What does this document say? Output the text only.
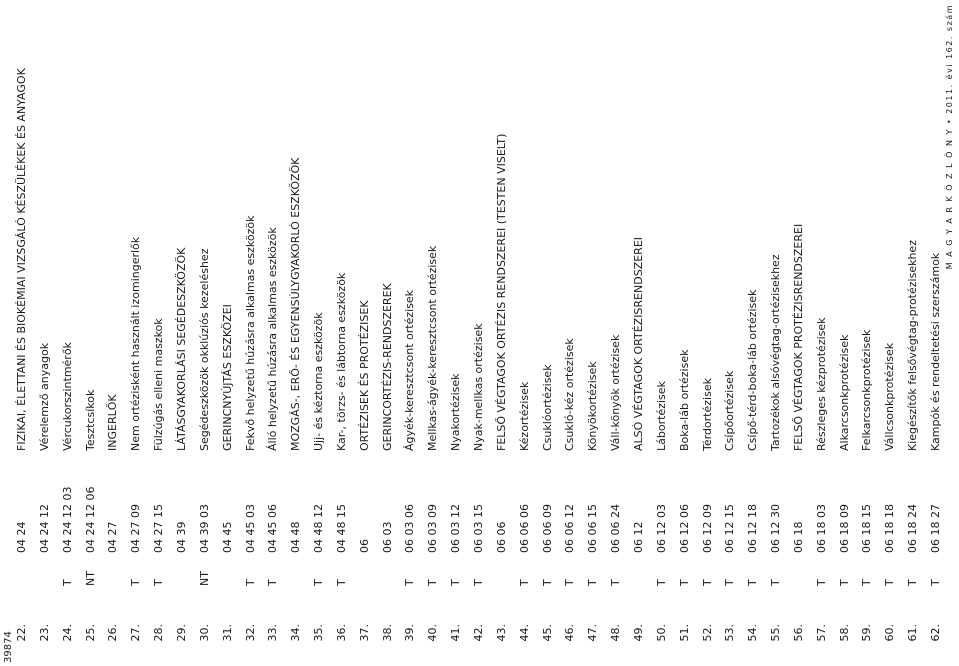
39874
M A G Y A R K Ö Z L Ö N Y • 2011. évi 162. szám
22.
04 24
FIZIKAI, ÉLETTANI ÉS BIOKÉMIAI VIZSGÁLÓ KÉSZÜLÉKEK ÉS ANYAGOK
23.
04 24 12
Vérelemző anyagok
24.
T
04 24 12 03
Vércukorszintmérők
25.
NT
04 24 12 06
Tesztcsíkok
26.
04 27
INGERLŐK
27.
T
04 27 09
Nem ortézisként használt izomingerlők
28.
T
04 27 15
Fülzúgás elleni maszkok
29.
04 39
LÁTÁSGYAKORLÁSI SEGÉDESZKÖZÖK
30.
NT
04 39 03
Segédeszközök okklúziós kezeléshez
31.
04 45
GERINCNYÚJTÁS ESZKÖZEI
32.
T
04 45 03
Fekvő helyzetű húzásra alkalmas eszközök
33.
T
04 45 06
Álló helyzetű húzásra alkalmas eszközök
34.
04 48
MOZGÁS-, ERŐ- ÉS EGYENSÚLYGYAKORLÓ ESZKÖZÖK
35.
T
04 48 12
Ujj- és kéztorna eszközök
36.
T
04 48 15
Kar-, törzs- és lábtorna eszközök
37.
06
ORTÉZISEK ÉS PROTÉZISEK
38.
06 03
GERINCORTÉZIS-RENDSZEREK
39.
T
06 03 06
Ágyék-keresztcsont ortézisek
40.
T
06 03 09
Mellkas-ágyék-keresztcsont ortézisek
41.
T
06 03 12
Nyakortézisek
42.
T
06 03 15
Nyak-mellkas ortézisek
43.
06 06
FELSŐ VÉGTAGOK ORTÉZIS RENDSZEREI (TESTEN VISELT)
44.
T
06 06 06
Kézortézisek
45.
T
06 06 09
Csuklóortézisek
46.
T
06 06 12
Csukló-kéz ortézisek
47.
T
06 06 15
Könyökortézisek
48.
T
06 06 24
Váll-könyök ortézisek
49.
06 12
ALSÓ VÉGTAGOK ORTÉZISRENDSZEREI
50.
T
06 12 03
Lábortézisek
51.
T
06 12 06
Boka-láb ortézisek
52.
T
06 12 09
Térdortézisek
53.
T
06 12 15
Csípőortézisek
54.
T
06 12 18
Csípő-térd-boka-láb ortézisek
55.
T
06 12 30
Tartozékok alsóvégtag-ortézisekhez
56.
06 18
FELSŐ VÉGTAGOK PROTÉZISRENDSZEREI
57.
T
06 18 03
Részleges kézprotézisek
58.
T
06 18 09
Alkarcsonkprotézisek
59.
T
06 18 15
Felkarcsonkprotézisek
60.
T
06 18 18
Vállcsonkprotézisek
61.
T
06 18 24
Kiegészítők felsővégtag-protézisekhez
62.
T
06 18 27
Kampók és rendeltetési szerszámok
